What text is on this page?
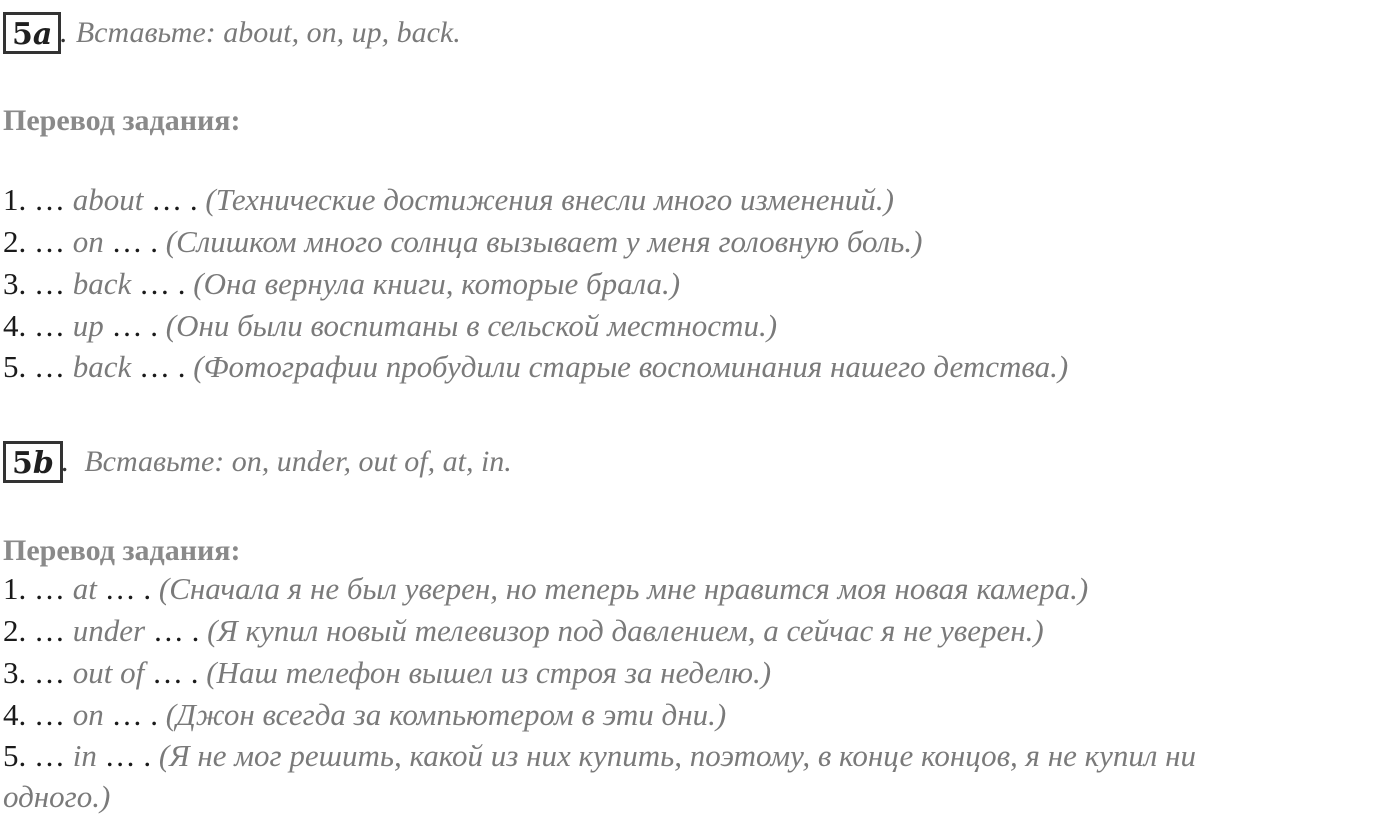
5a . Вставьте: about, on, up, back.
Перевод задания:
1. … about … . (Технические достижения внесли много изменений.)
2. … on … . (Слишком много солнца вызывает у меня головную боль.)
3. … back … . (Она вернула книги, которые брала.)
4. … up … . (Они были воспитаны в сельской местности.)
5. … back … . (Фотографии пробудили старые воспоминания нашего детства.)
5b . Вставьте: on, under, out of, at, in.
Перевод задания:
1. … at … . (Сначала я не был уверен, но теперь мне нравится моя новая камера.)
2. … under … . (Я купил новый телевизор под давлением, а сейчас я не уверен.)
3. … out of … . (Наш телефон вышел из строя за неделю.)
4. … on … . (Джон всегда за компьютером в эти дни.)
5. … in … . (Я не мог решить, какой из них купить, поэтому, в конце концов, я не купил ни
одного.)
